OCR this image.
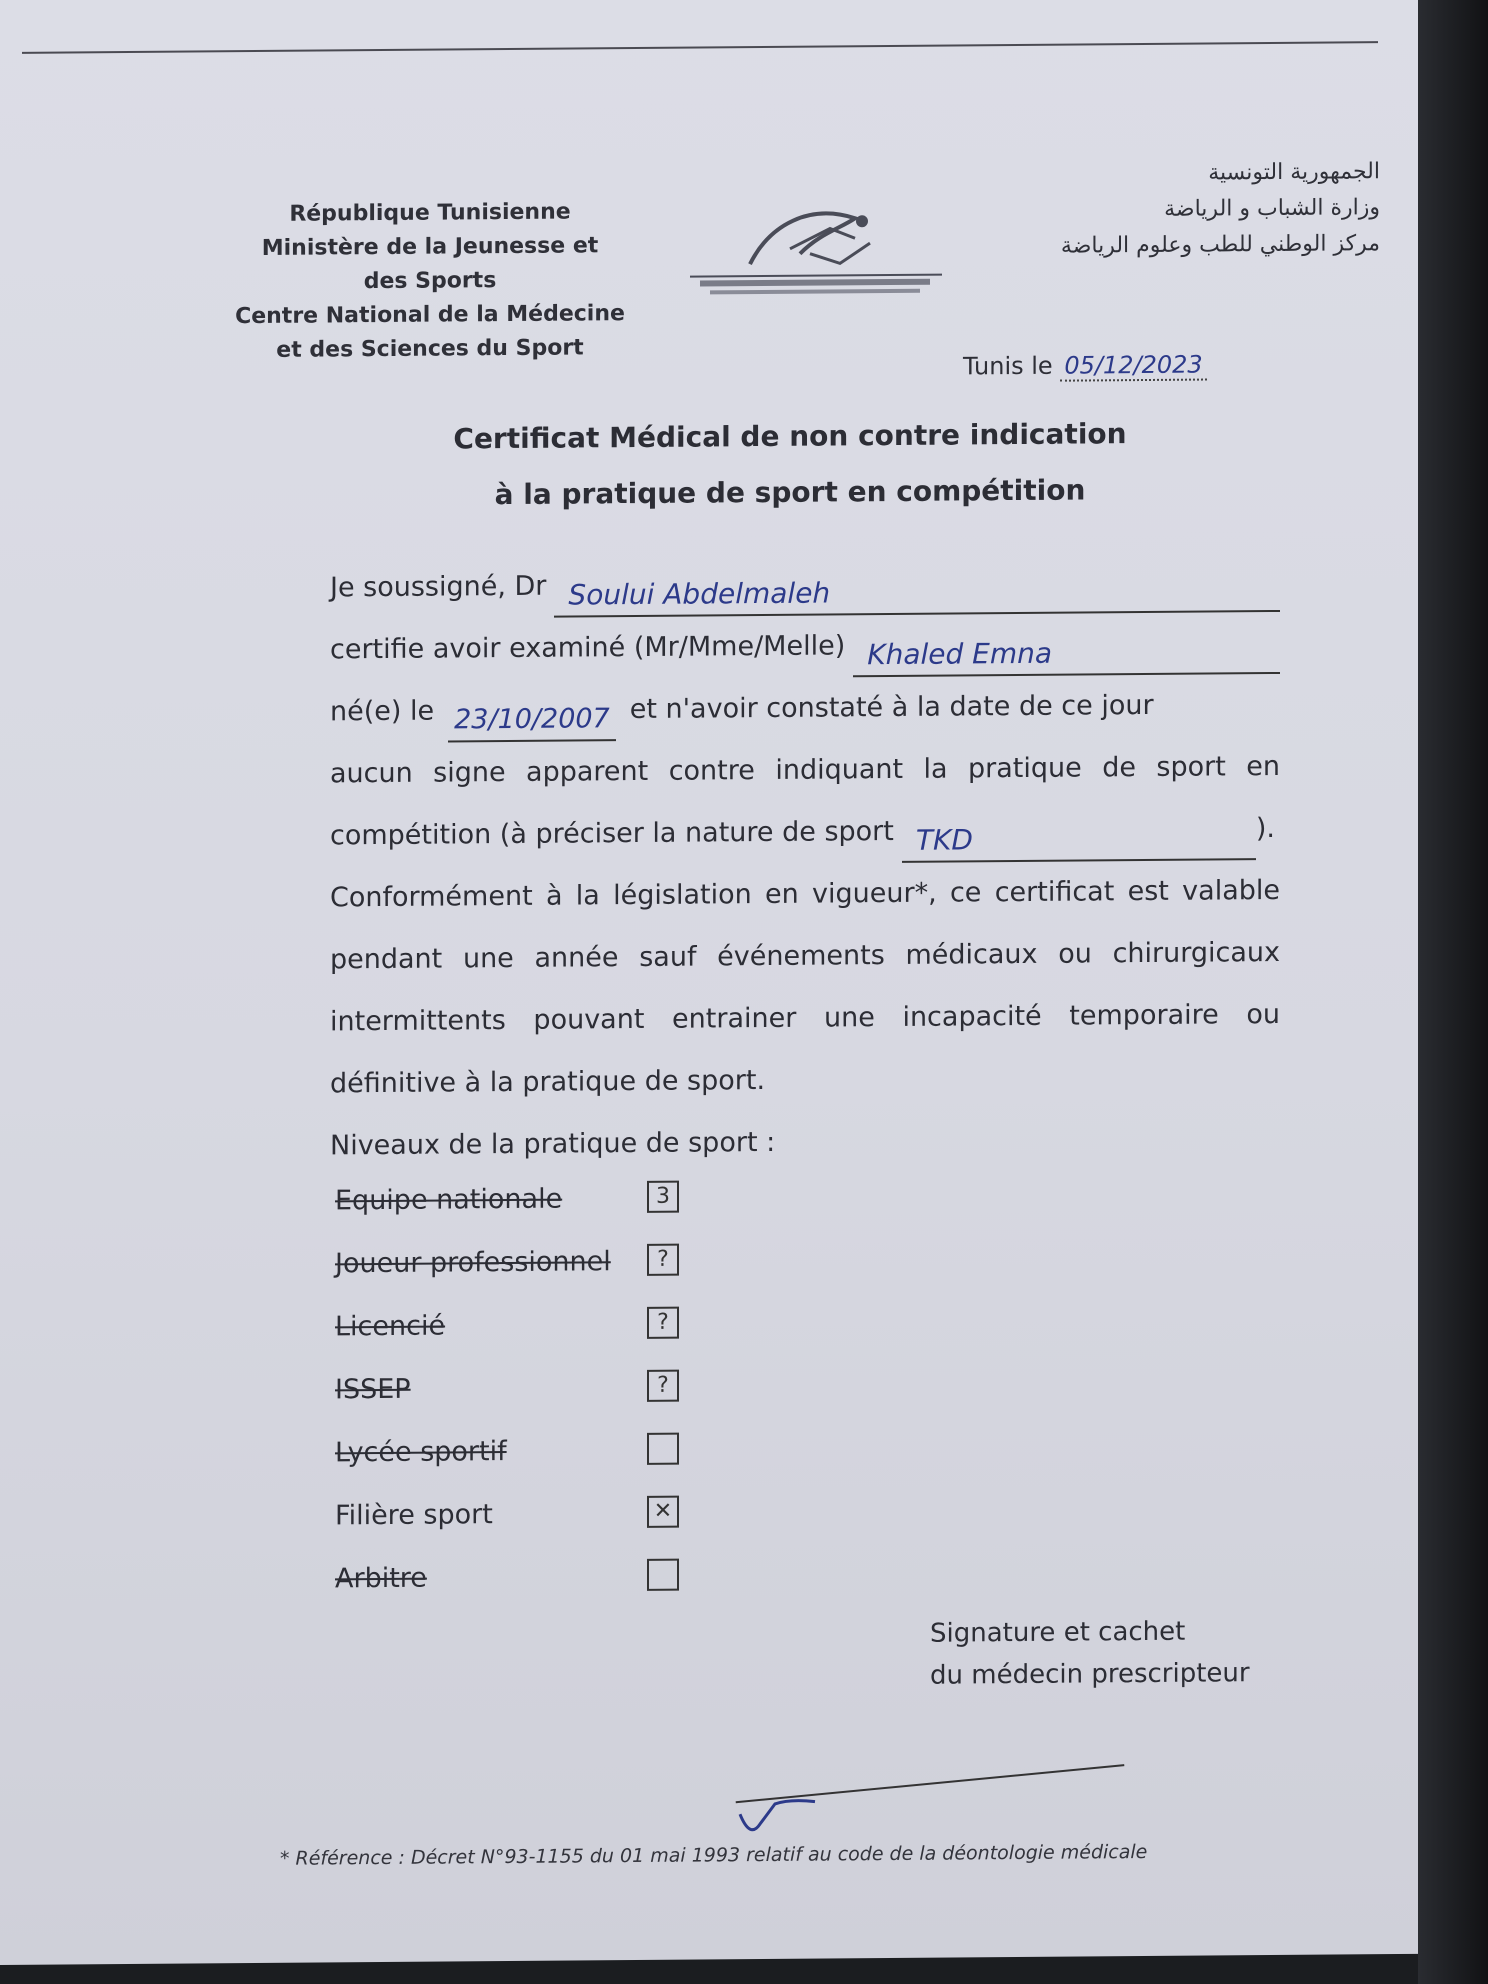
République Tunisienne
Ministère de la Jeunesse et
des Sports
Centre National de la Médecine
et des Sciences du Sport
الجمهورية التونسية
وزارة الشباب و الرياضة
مركز الوطني للطب وعلوم الرياضة
Tunis le 05/12/2023
Certificat Médical de non contre indication
à la pratique de sport en compétition
Je soussigné, Dr Soului Abdelmaleh
certifie avoir examiné (Mr/Mme/Melle) Khaled Emna
né(e) le 23/10/2007 et n'avoir constaté à la date de ce jour
aucun signe apparent contre indiquant la pratique de sport en
compétition (à préciser la nature de sport TKD	).
Conformément à la législation en vigueur*, ce certificat est valable
pendant une année sauf événements médicaux ou chirurgicaux
intermittents pouvant entrainer une incapacité temporaire ou
définitive à la pratique de sport.
Niveaux de la pratique de sport :
Equipe nationale	3
Joueur professionnel	?
Licencié	?
ISSEP	?
Lycée sportif
Filière sport	✕
Arbitre
Signature et cachet
du médecin prescripteur
* Référence : Décret N°93-1155 du 01 mai 1993 relatif au code de la déontologie médicale
